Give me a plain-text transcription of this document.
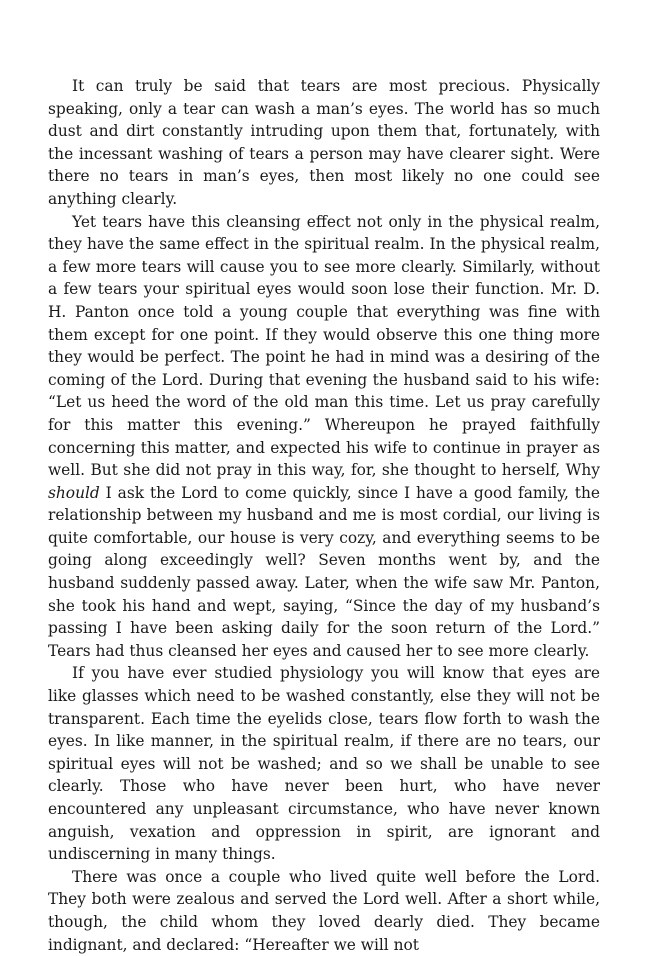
It can truly be said that tears are most precious. Physically speaking, only a tear can wash a man’s eyes. The world has so much dust and dirt constantly intruding upon them that, fortunately, with the incessant washing of tears a person may have clearer sight. Were there no tears in man’s eyes, then most likely no one could see anything clearly.

Yet tears have this cleansing effect not only in the physical realm, they have the same effect in the spiritual realm. In the physical realm, a few more tears will cause you to see more clearly. Similarly, without a few tears your spiritual eyes would soon lose their function. Mr. D. H. Panton once told a young couple that everything was fine with them except for one point. If they would observe this one thing more they would be perfect. The point he had in mind was a desiring of the coming of the Lord. During that evening the husband said to his wife: “Let us heed the word of the old man this time. Let us pray carefully for this matter this evening.” Whereupon he prayed faithfully concerning this matter, and expected his wife to continue in prayer as well. But she did not pray in this way, for, she thought to herself, Why should I ask the Lord to come quickly, since I have a good family, the relationship between my husband and me is most cordial, our living is quite comfortable, our house is very cozy, and everything seems to be going along exceedingly well? Seven months went by, and the husband suddenly passed away. Later, when the wife saw Mr. Panton, she took his hand and wept, saying, “Since the day of my husband’s passing I have been asking daily for the soon return of the Lord.” Tears had thus cleansed her eyes and caused her to see more clearly.

If you have ever studied physiology you will know that eyes are like glasses which need to be washed constantly, else they will not be transparent. Each time the eyelids close, tears flow forth to wash the eyes. In like manner, in the spiritual realm, if there are no tears, our spiritual eyes will not be washed; and so we shall be unable to see clearly. Those who have never been hurt, who have never encountered any unpleasant circumstance, who have never known anguish, vexation and oppression in spirit, are ignorant and undiscerning in many things.

There was once a couple who lived quite well before the Lord. They both were zealous and served the Lord well. After a short while, though, the child whom they loved dearly died. They became indignant, and declared: “Hereafter we will not
